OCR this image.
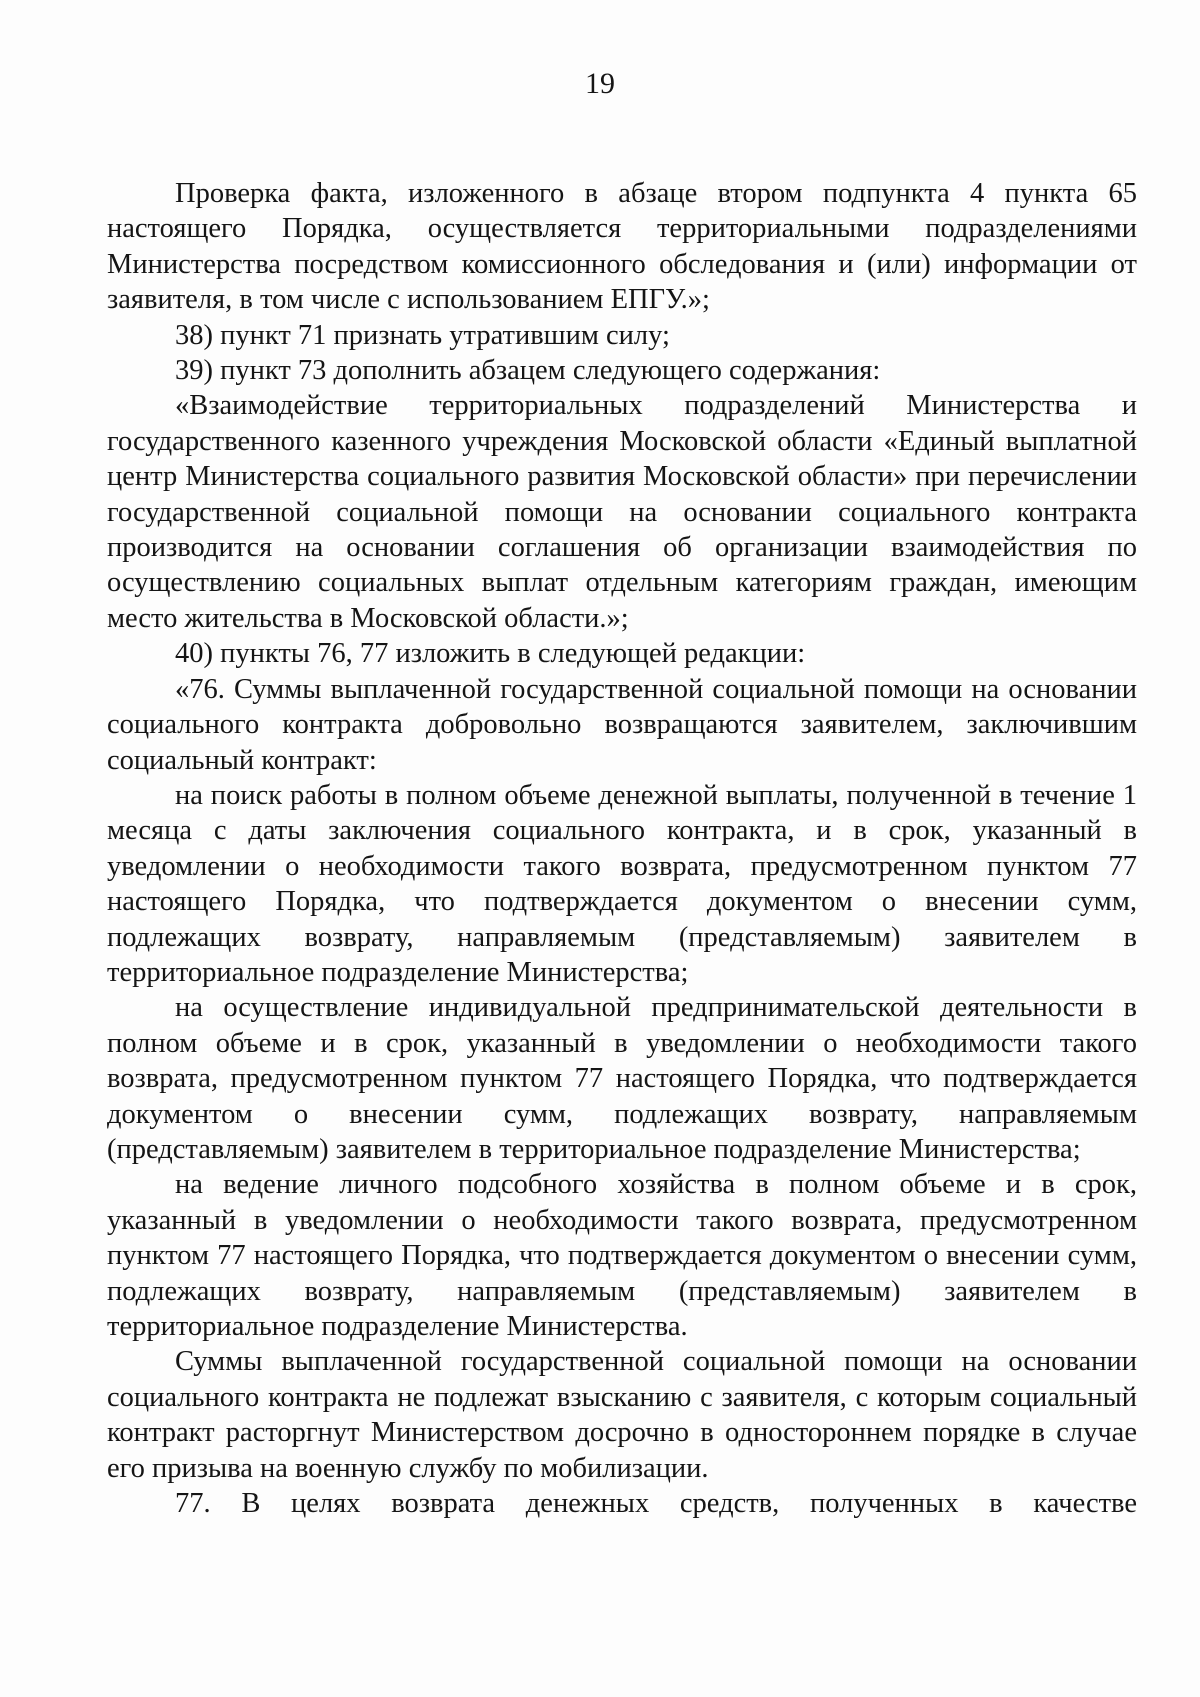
19

Проверка факта, изложенного в абзаце втором подпункта 4 пункта 65 настоящего Порядка, осуществляется территориальными подразделениями Министерства посредством комиссионного обследования и (или) информации от заявителя, в том числе с использованием ЕПГУ.»;

38) пункт 71 признать утратившим силу;

39) пункт 73 дополнить абзацем следующего содержания:

«Взаимодействие территориальных подразделений Министерства и государственного казенного учреждения Московской области «Единый выплатной центр Министерства социального развития Московской области» при перечислении государственной социальной помощи на основании социального контракта производится на основании соглашения об организации взаимодействия по осуществлению социальных выплат отдельным категориям граждан, имеющим место жительства в Московской области.»;

40) пункты 76, 77 изложить в следующей редакции:

«76. Суммы выплаченной государственной социальной помощи на основании социального контракта добровольно возвращаются заявителем, заключившим социальный контракт:

на поиск работы в полном объеме денежной выплаты, полученной в течение 1 месяца с даты заключения социального контракта, и в срок, указанный в уведомлении о необходимости такого возврата, предусмотренном пунктом 77 настоящего Порядка, что подтверждается документом о внесении сумм, подлежащих возврату, направляемым (представляемым) заявителем в территориальное подразделение Министерства;

на осуществление индивидуальной предпринимательской деятельности в полном объеме и в срок, указанный в уведомлении о необходимости такого возврата, предусмотренном пунктом 77 настоящего Порядка, что подтверждается документом о внесении сумм, подлежащих возврату, направляемым (представляемым) заявителем в территориальное подразделение Министерства;

на ведение личного подсобного хозяйства в полном объеме и в срок, указанный в уведомлении о необходимости такого возврата, предусмотренном пунктом 77 настоящего Порядка, что подтверждается документом о внесении сумм, подлежащих возврату, направляемым (представляемым) заявителем в территориальное подразделение Министерства.

Суммы выплаченной государственной социальной помощи на основании социального контракта не подлежат взысканию с заявителя, с которым социальный контракт расторгнут Министерством досрочно в одностороннем порядке в случае его призыва на военную службу по мобилизации.

77. В целях возврата денежных средств, полученных в качестве
